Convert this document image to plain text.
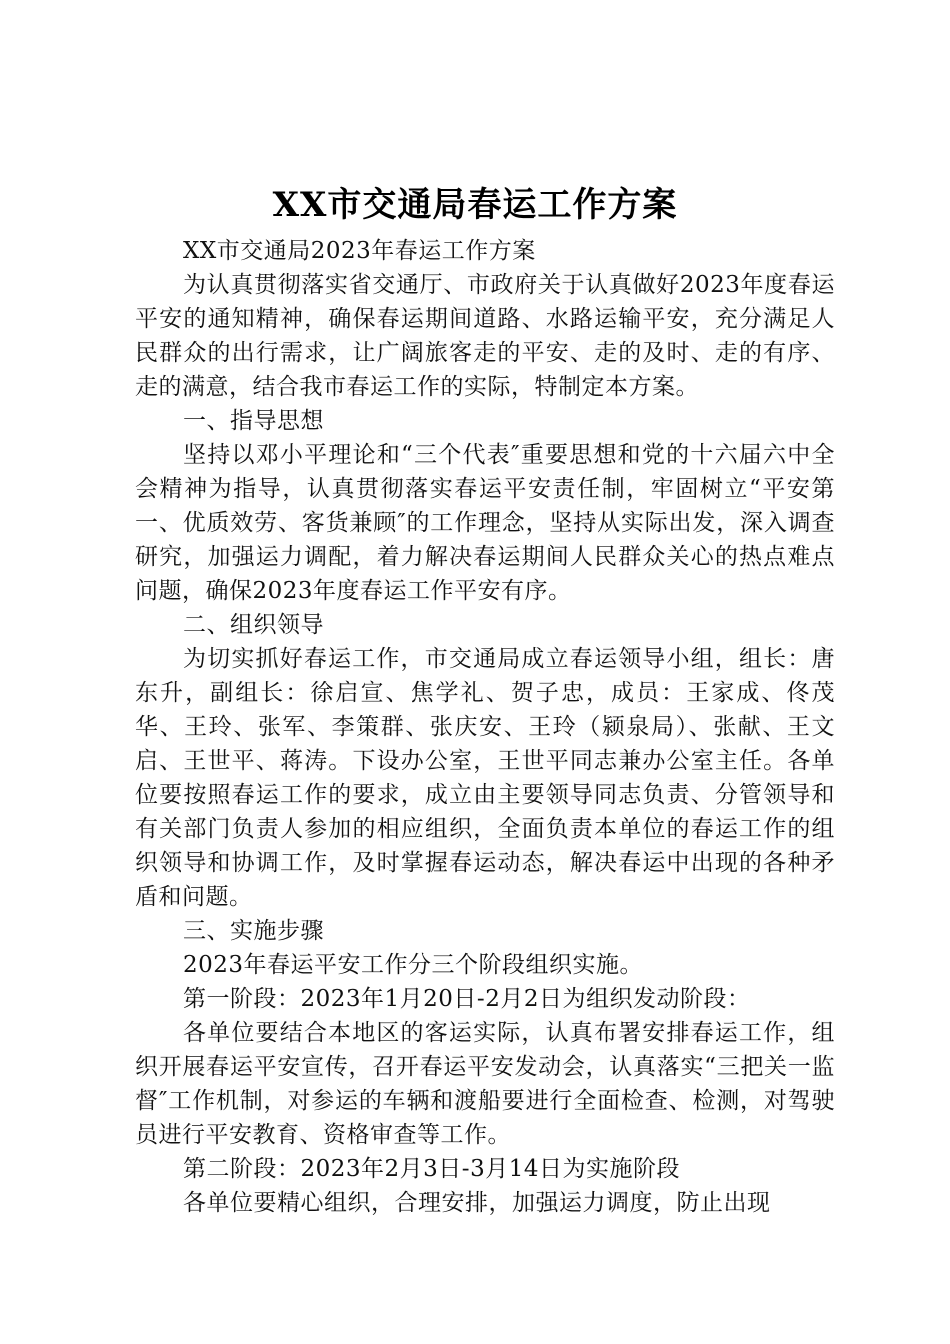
XX市交通局春运工作方案

XX市交通局2023年春运工作方案

为认真贯彻落实省交通厅、市政府关于认真做好2023年度春运平安的通知精神，确保春运期间道路、水路运输平安，充分满足人民群众的出行需求，让广阔旅客走的平安、走的及时、走的有序、走的满意，结合我市春运工作的实际，特制定本方案。

一、指导思想

坚持以邓小平理论和“三个代表″重要思想和党的十六届六中全会精神为指导，认真贯彻落实春运平安责任制，牢固树立“平安第一、优质效劳、客货兼顾″的工作理念，坚持从实际出发，深入调查研究，加强运力调配，着力解决春运期间人民群众关心的热点难点问题，确保2023年度春运工作平安有序。

二、组织领导

为切实抓好春运工作，市交通局成立春运领导小组，组长：唐东升，副组长：徐启宣、焦学礼、贺子忠，成员：王家成、佟茂华、王玲、张军、李策群、张庆安、王玲（颍泉局）、张献、王文启、王世平、蒋涛。下设办公室，王世平同志兼办公室主任。各单位要按照春运工作的要求，成立由主要领导同志负责、分管领导和有关部门负责人参加的相应组织，全面负责本单位的春运工作的组织领导和协调工作，及时掌握春运动态，解决春运中出现的各种矛盾和问题。

三、实施步骤

2023年春运平安工作分三个阶段组织实施。

第一阶段：2023年1月20日-2月2日为组织发动阶段：

各单位要结合本地区的客运实际，认真布署安排春运工作，组织开展春运平安宣传，召开春运平安发动会，认真落实“三把关一监督″工作机制，对参运的车辆和渡船要进行全面检查、检测，对驾驶员进行平安教育、资格审查等工作。

第二阶段：2023年2月3日-3月14日为实施阶段

各单位要精心组织，合理安排，加强运力调度，防止出现
